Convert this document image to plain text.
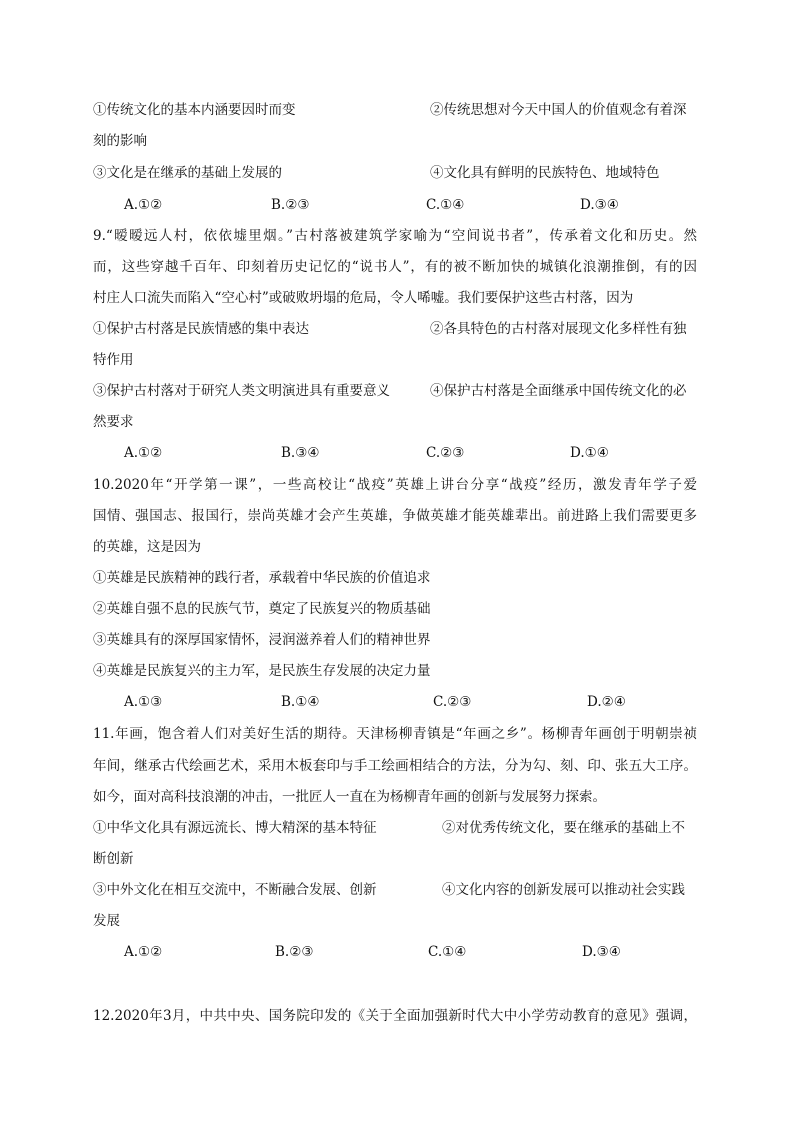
①传统文化的基本内涵要因时而变	②传统思想对今天中国人的价值观念有着深
刻的影响
③文化是在继承的基础上发展的	④文化具有鲜明的民族特色、地域特色
A.①②	B.②③	C.①④	D.③④
9.“暧暧远人村，依依墟里烟。”古村落被建筑学家喻为“空间说书者”，传承着文化和历史。然
而，这些穿越千百年、印刻着历史记忆的“说书人”，有的被不断加快的城镇化浪潮推倒，有的因
村庄人口流失而陷入“空心村”或破败坍塌的危局，令人唏嘘。我们要保护这些古村落，因为
①保护古村落是民族情感的集中表达	②各具特色的古村落对展现文化多样性有独
特作用
③保护古村落对于研究人类文明演进具有重要意义	④保护古村落是全面继承中国传统文化的必
然要求
A.①②	B.③④	C.②③	D.①④
10.2020年“开学第一课”，一些高校让“战疫”英雄上讲台分享“战疫”经历，激发青年学子爱
国情、强国志、报国行，崇尚英雄才会产生英雄，争做英雄才能英雄辈出。前进路上我们需要更多
的英雄，这是因为
①英雄是民族精神的践行者，承载着中华民族的价值追求
②英雄自强不息的民族气节，奠定了民族复兴的物质基础
③英雄具有的深厚国家情怀，浸润滋养着人们的精神世界
④英雄是民族复兴的主力军，是民族生存发展的决定力量
A.①③	B.①④	C.②③	D.②④
11.年画，饱含着人们对美好生活的期待。天津杨柳青镇是“年画之乡”。杨柳青年画创于明朝崇祯
年间，继承古代绘画艺术，采用木板套印与手工绘画相结合的方法，分为勾、刻、印、张五大工序。
如今，面对高科技浪潮的冲击，一批匠人一直在为杨柳青年画的创新与发展努力探索。
①中华文化具有源远流长、博大精深的基本特征	②对优秀传统文化，要在继承的基础上不
断创新
③中外文化在相互交流中，不断融合发展、创新	④文化内容的创新发展可以推动社会实践
发展
A.①②	B.②③	C.①④	D.③④
12.2020年3月，中共中央、国务院印发的《关于全面加强新时代大中小学劳动教育的意见》强调，
